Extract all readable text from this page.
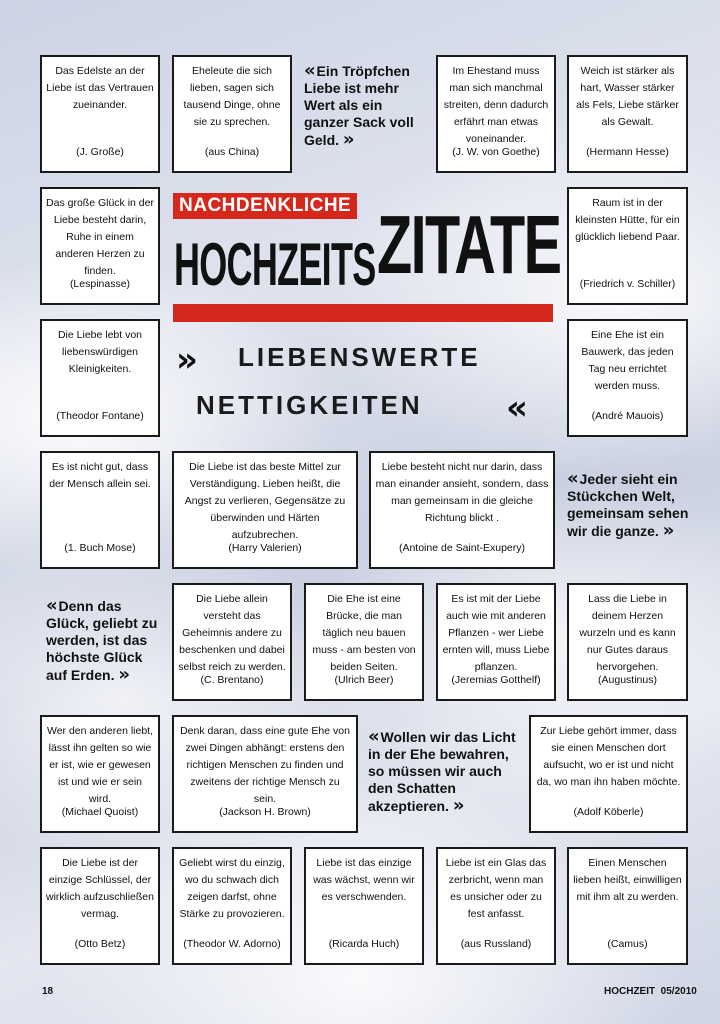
Das Edelste an der Liebe ist das Vertrauen zueinander.
(J. Große)
Eheleute die sich lieben, sagen sich tausend Dinge, ohne sie zu sprechen.
(aus China)
« Ein Tröpfchen Liebe ist mehr Wert als ein ganzer Sack voll Geld. »
Im Ehestand muss man sich manchmal streiten, denn dadurch erfährt man etwas voneinander.
(J. W. von Goethe)
Weich ist stärker als hart, Wasser stärker als Fels, Liebe stärker als Gewalt.
(Hermann Hesse)
Das große Glück in der Liebe besteht darin, Ruhe in einem anderen Herzen zu finden.
(Lespinasse)
NACHDENKLICHE
HOCHZEITS ZITATE	Raum ist in der kleinsten Hütte, für ein glücklich liebend Paar.
(Friedrich v. Schiller)
Die Liebe lebt von liebenswürdigen Kleinigkeiten.
(Theodor Fontane)
» LIEBENSWERTE
NETTIGKEITEN «
Eine Ehe ist ein Bauwerk, das jeden Tag neu errichtet werden muss.
(André Mauois)
Es ist nicht gut, dass der Mensch allein sei.
(1. Buch Mose)
Die Liebe ist das beste Mittel zur Verständigung. Lieben heißt, die Angst zu verlieren, Gegensätze zu überwinden und Härten aufzubrechen.
(Harry Valerien)
Liebe besteht nicht nur darin, dass man einander ansieht, sondern, dass man gemeinsam in die gleiche Richtung blickt .
(Antoine de Saint-Exupery)
« Jeder sieht ein Stückchen Welt, gemeinsam sehen wir die ganze. »
« Denn das Glück, geliebt zu werden, ist das höchste Glück auf Erden. »
Die Liebe allein versteht das Geheimnis andere zu beschenken und dabei selbst reich zu werden.
(C. Brentano)
Die Ehe ist eine Brücke, die man täglich neu bauen muss - am besten von beiden Seiten.
(Ulrich Beer)
Es ist mit der Liebe auch wie mit anderen Pflanzen - wer Liebe ernten will, muss Liebe pflanzen.
(Jeremias Gotthelf)
Lass die Liebe in deinem Herzen wurzeln und es kann nur Gutes daraus hervorgehen.
(Augustinus)
Wer den anderen liebt, lässt ihn gelten so wie er ist, wie er gewesen ist und wie er sein wird.
(Michael Quoist)
Denk daran, dass eine gute Ehe von zwei Dingen abhängt: erstens den richtigen Menschen zu finden und zweitens der richtige Mensch zu sein.
(Jackson H. Brown)
« Wollen wir das Licht in der Ehe bewahren, so müssen wir auch den Schatten akzeptieren. »
Zur Liebe gehört immer, dass sie einen Menschen dort aufsucht, wo er ist und nicht da, wo man ihn haben möchte.
(Adolf Köberle)
Die Liebe ist der einzige Schlüssel, der wirklich aufzuschließen vermag.
(Otto Betz)
Geliebt wirst du einzig, wo du schwach dich zeigen darfst, ohne Stärke zu provozieren.
(Theodor W. Adorno)
Liebe ist das einzige was wächst, wenn wir es verschwenden.
(Ricarda Huch)
Liebe ist ein Glas das zerbricht, wenn man es unsicher oder zu fest anfasst.
(aus Russland)
Einen Menschen lieben heißt, einwilligen mit ihm alt zu werden.
(Camus)
18	HOCHZEIT  05/2010
